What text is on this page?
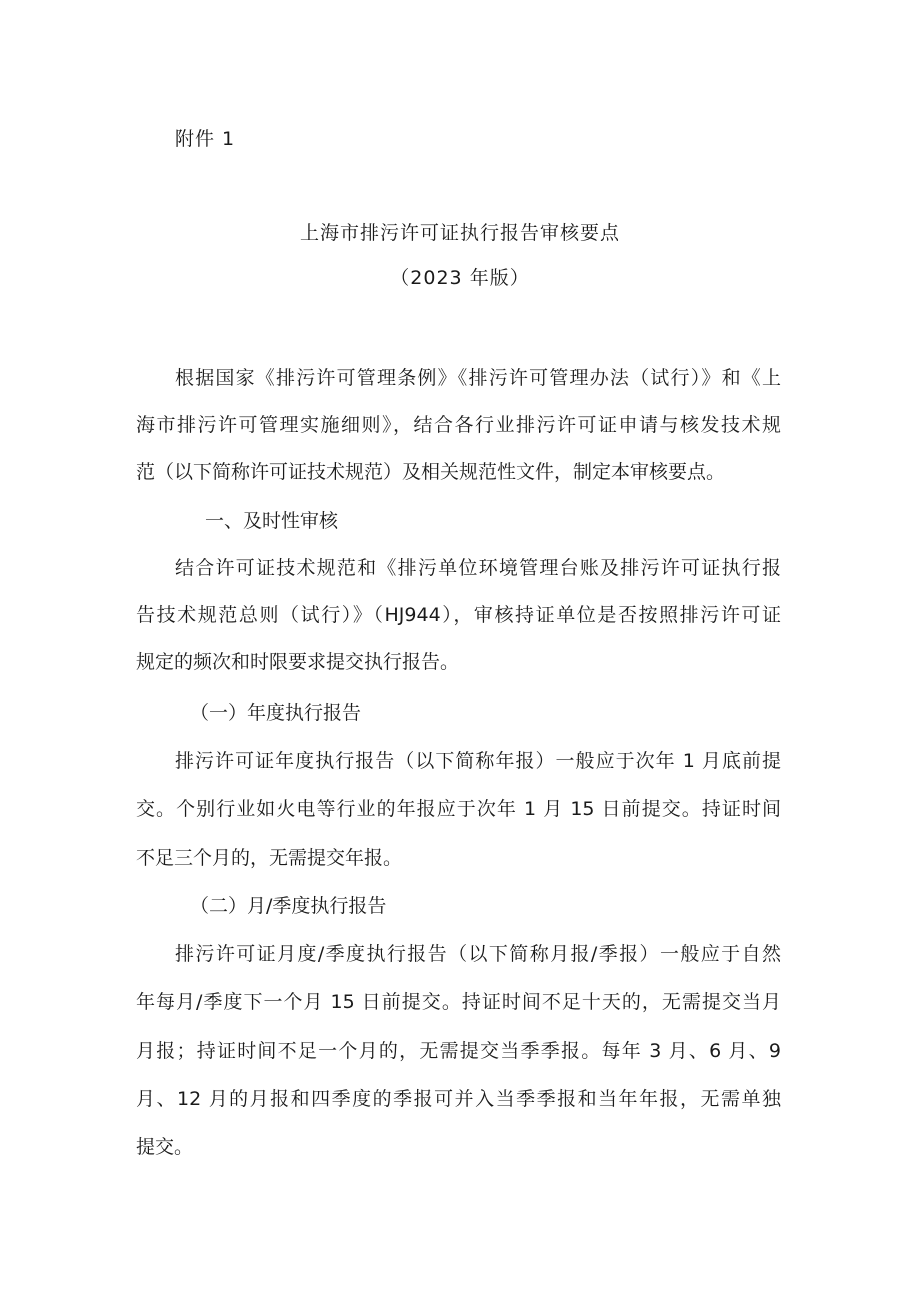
附件 1
上海市排污许可证执行报告审核要点
（2023 年版）
根据国家《排污许可管理条例》《排污许可管理办法（试行）》和《上
海市排污许可管理实施细则》，结合各行业排污许可证申请与核发技术规
范（以下简称许可证技术规范）及相关规范性文件，制定本审核要点。
一、及时性审核
结合许可证技术规范和《排污单位环境管理台账及排污许可证执行报
告技术规范总则（试行）》（HJ944），审核持证单位是否按照排污许可证
规定的频次和时限要求提交执行报告。
（一）年度执行报告
排污许可证年度执行报告（以下简称年报）一般应于次年 1 月底前提
交。个别行业如火电等行业的年报应于次年 1 月 15 日前提交。持证时间
不足三个月的，无需提交年报。
（二）月/季度执行报告
排污许可证月度/季度执行报告（以下简称月报/季报）一般应于自然
年每月/季度下一个月 15 日前提交。持证时间不足十天的，无需提交当月
月报；持证时间不足一个月的，无需提交当季季报。每年 3 月、6 月、9
月、12 月的月报和四季度的季报可并入当季季报和当年年报，无需单独
提交。
